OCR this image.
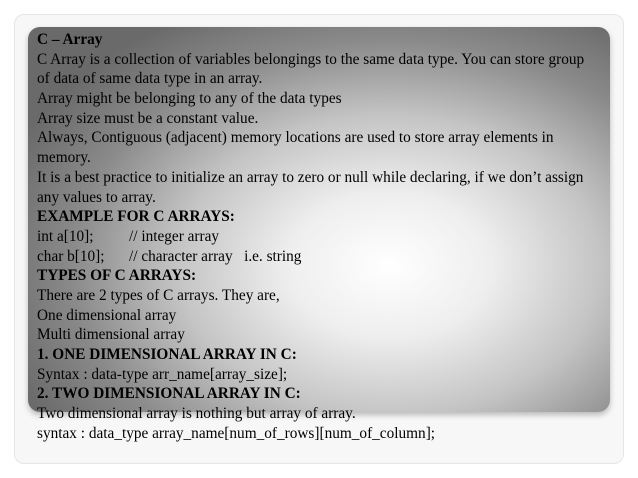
C – Array
C Array is a collection of variables belongings to the same data type. You can store group
of data of same data type in an array.
Array might be belonging to any of the data types
Array size must be a constant value.
Always, Contiguous (adjacent) memory locations are used to store array elements in
memory.
It is a best practice to initialize an array to zero or null while declaring, if we don’t assign
any values to array.
EXAMPLE FOR C ARRAYS:
int a[10]; // integer array
char b[10]; // character array   i.e. string
TYPES OF C ARRAYS:
There are 2 types of C arrays. They are,
One dimensional array
Multi dimensional array
1. ONE DIMENSIONAL ARRAY IN C:
Syntax : data-type arr_name[array_size];
2. TWO DIMENSIONAL ARRAY IN C:
Two dimensional array is nothing but array of array.
syntax : data_type array_name[num_of_rows][num_of_column];
